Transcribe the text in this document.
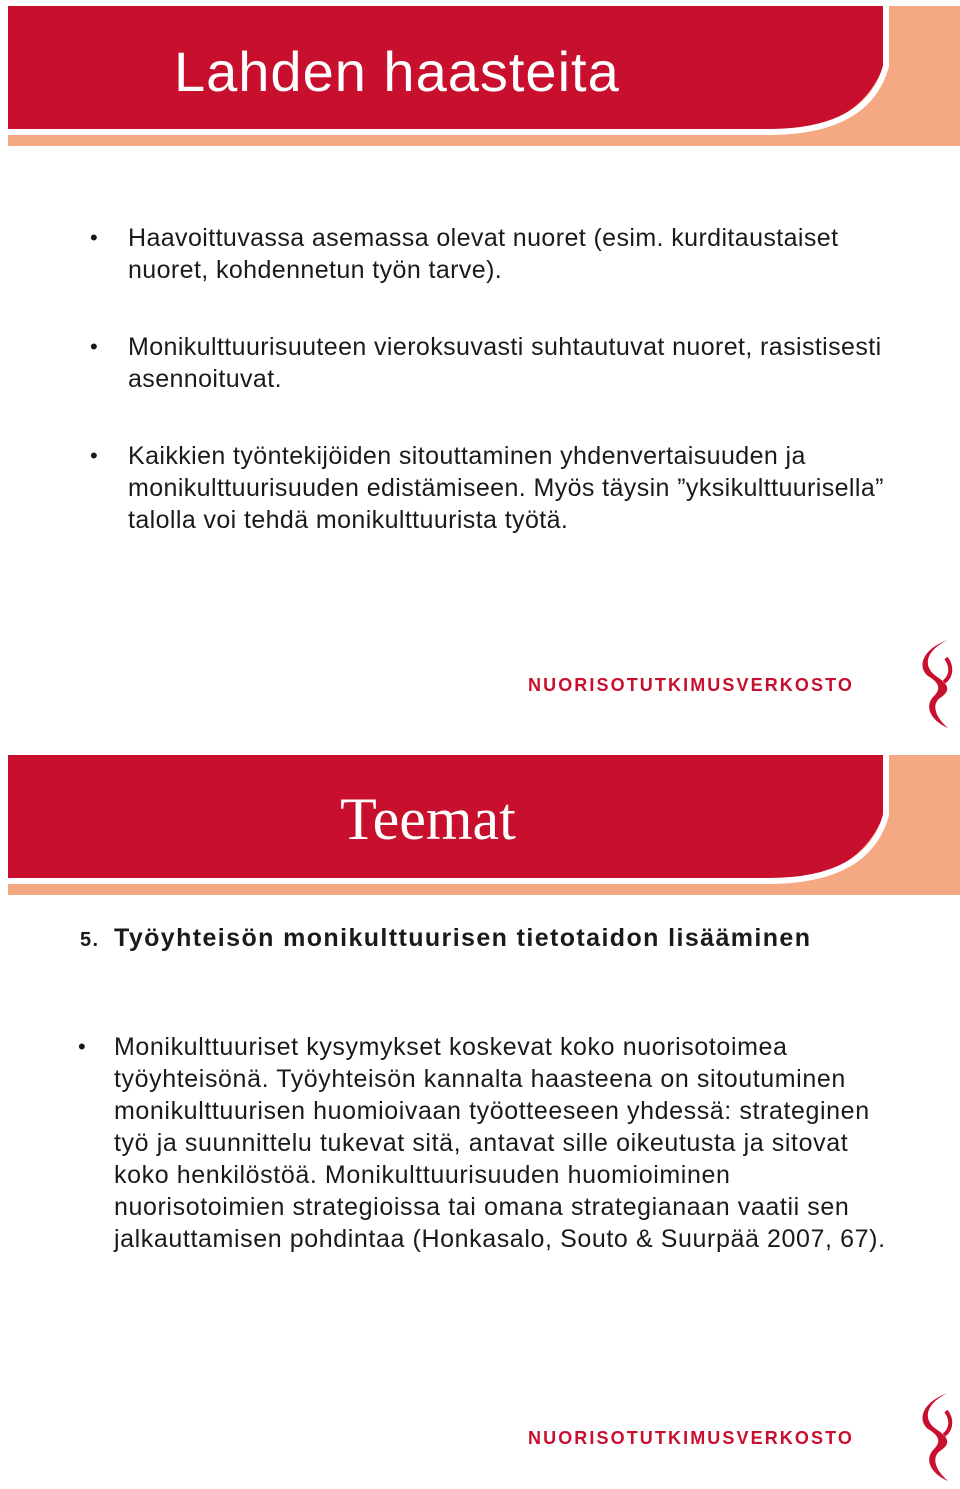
Lahden haasteita
• Haavoittuvassa asemassa olevat nuoret (esim. kurditaustaiset nuoret, kohdennetun työn tarve).
• Monikulttuurisuuteen vieroksuvasti suhtautuvat nuoret, rasistisesti asennoituvat.
• Kaikkien työntekijöiden sitouttaminen yhdenvertaisuuden ja monikulttuurisuuden edistämiseen. Myös täysin ”yksikulttuurisella” talolla voi tehdä monikulttuurista työtä.
NUORISOTUTKIMUSVERKOSTO
Teemat
5. Työyhteisön monikulttuurisen tietotaidon lisääminen
• Monikulttuuriset kysymykset koskevat koko nuorisotoimea työyhteisönä. Työyhteisön kannalta haasteena on sitoutuminen monikulttuurisen huomioivaan työotteeseen yhdessä: strateginen työ ja suunnittelu tukevat sitä, antavat sille oikeutusta ja sitovat koko henkilöstöä. Monikulttuurisuuden huomioiminen nuorisotoimien strategioissa tai omana strategianaan vaatii sen jalkauttamisen pohdintaa (Honkasalo, Souto & Suurpää 2007, 67).
NUORISOTUTKIMUSVERKOSTO
